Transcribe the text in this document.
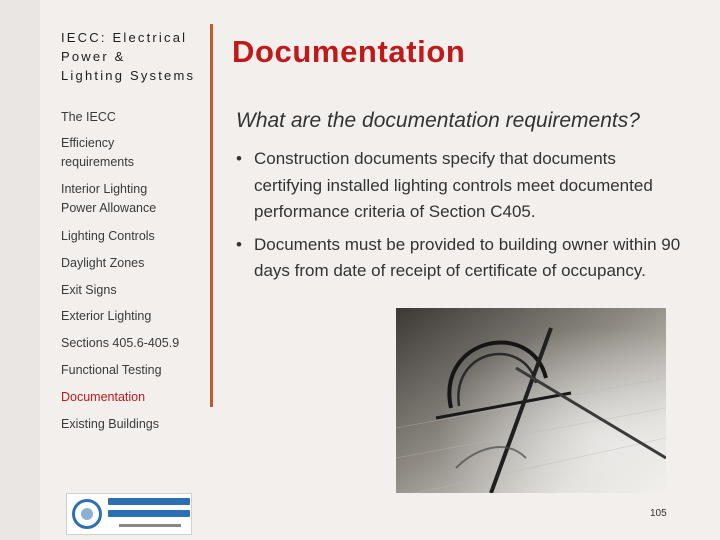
IECC: Electrical
Power &
Lighting Systems
The IECC
Efficiency
requirements
Interior Lighting
Power Allowance
Lighting Controls
Daylight Zones
Exit Signs
Exterior Lighting
Sections 405.6-405.9
Functional Testing
Documentation
Existing Buildings
Documentation
What are the documentation requirements?
• Construction documents specify that documents certifying installed lighting controls meet documented performance criteria of Section C405.
• Documents must be provided to building owner within 90 days from date of receipt of certificate of occupancy.
105
